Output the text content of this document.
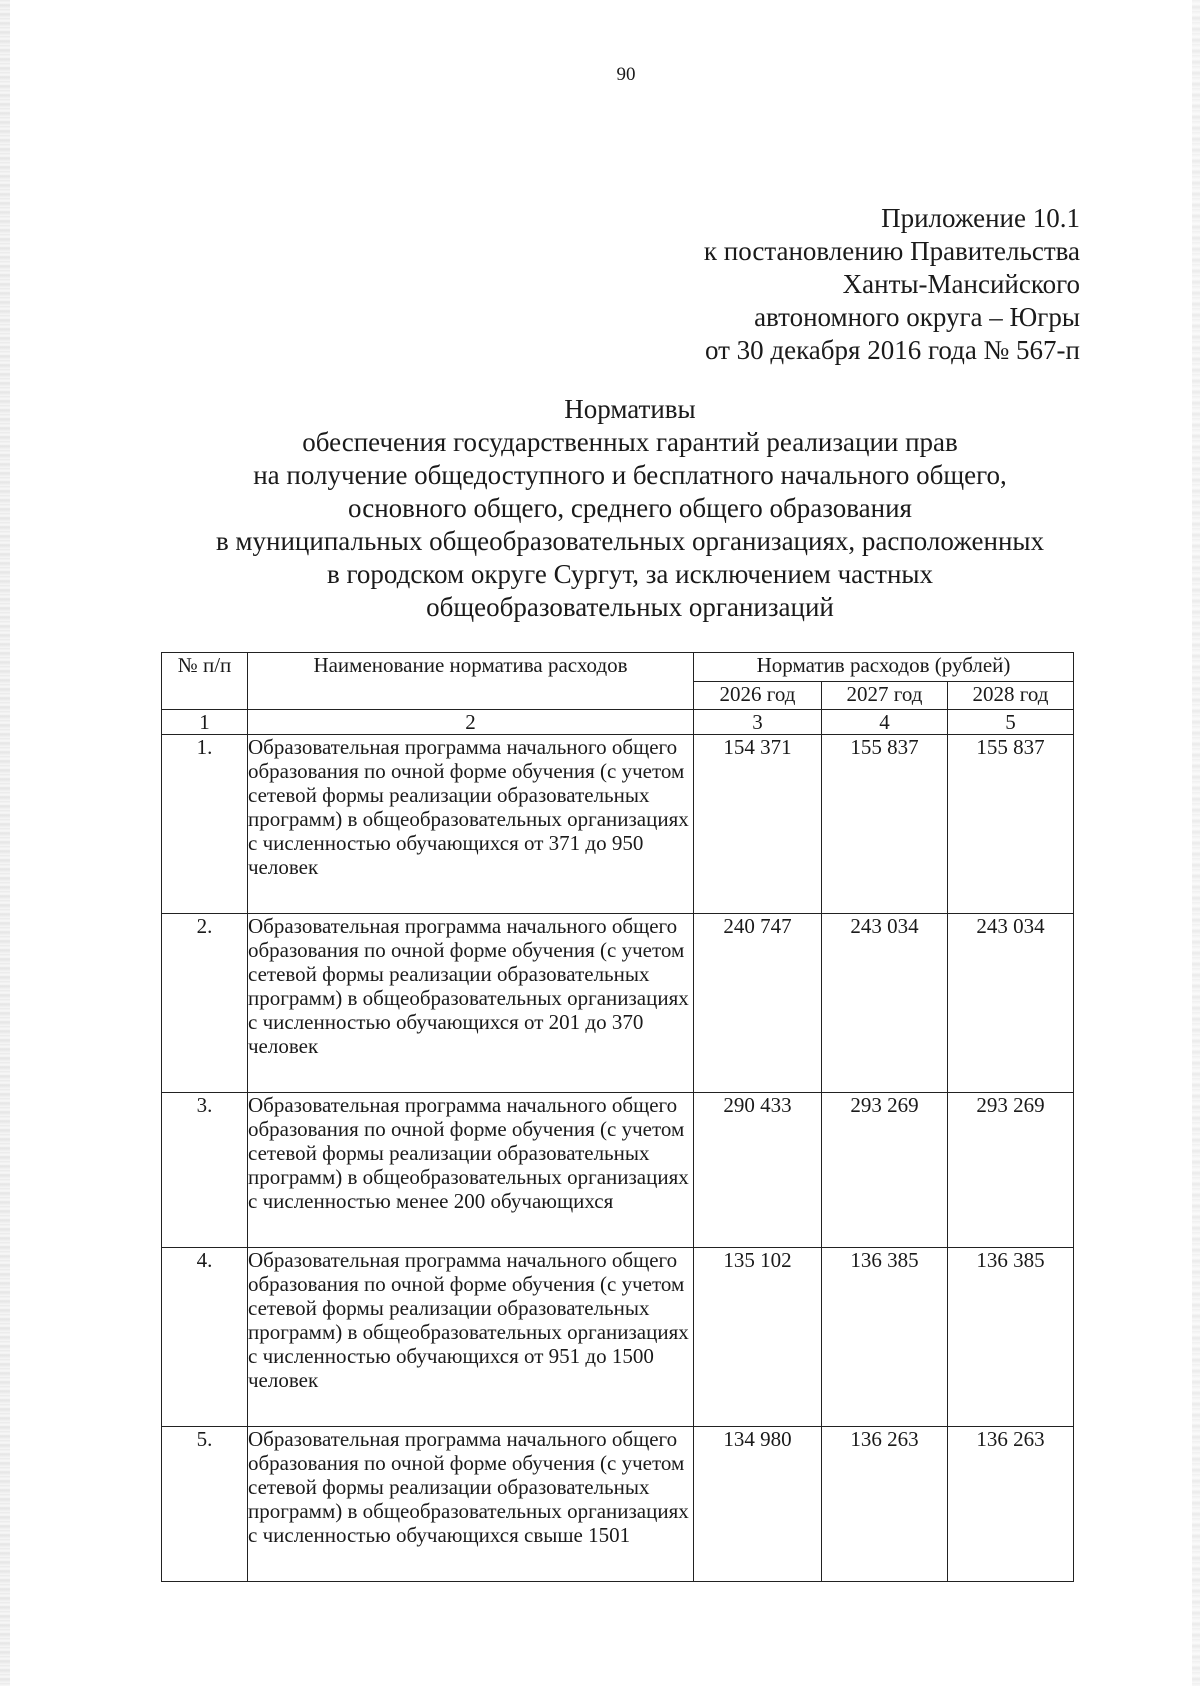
90
Приложение 10.1
к постановлению Правительства
Ханты-Мансийского
автономного округа – Югры
от 30 декабря 2016 года № 567-п
Нормативы
обеспечения государственных гарантий реализации прав
на получение общедоступного и бесплатного начального общего,
основного общего, среднего общего образования
в муниципальных общеобразовательных организациях, расположенных
в городском округе Сургут, за исключением частных
общеобразовательных организаций
№ п/п	Наименование норматива расходов	Норматив расходов (рублей)		
		2026 год	2027 год	2028 год
1	2	3	4	5
1.	Образовательная программа начального общего образования по очной форме обучения (с учетом сетевой формы реализации образовательных программ) в общеобразовательных организациях с численностью обучающихся от 371 до 950 человек	154 371	155 837	155 837
2.	Образовательная программа начального общего образования по очной форме обучения (с учетом сетевой формы реализации образовательных программ) в общеобразовательных организациях с численностью обучающихся от 201 до 370 человек	240 747	243 034	243 034
3.	Образовательная программа начального общего образования по очной форме обучения (с учетом сетевой формы реализации образовательных программ) в общеобразовательных организациях с численностью менее 200 обучающихся	290 433	293 269	293 269
4.	Образовательная программа начального общего образования по очной форме обучения (с учетом сетевой формы реализации образовательных программ) в общеобразовательных организациях с численностью обучающихся от 951 до 1500 человек	135 102	136 385	136 385
5.	Образовательная программа начального общего образования по очной форме обучения (с учетом сетевой формы реализации образовательных программ) в общеобразовательных организациях с численностью обучающихся свыше 1501	134 980	136 263	136 263
